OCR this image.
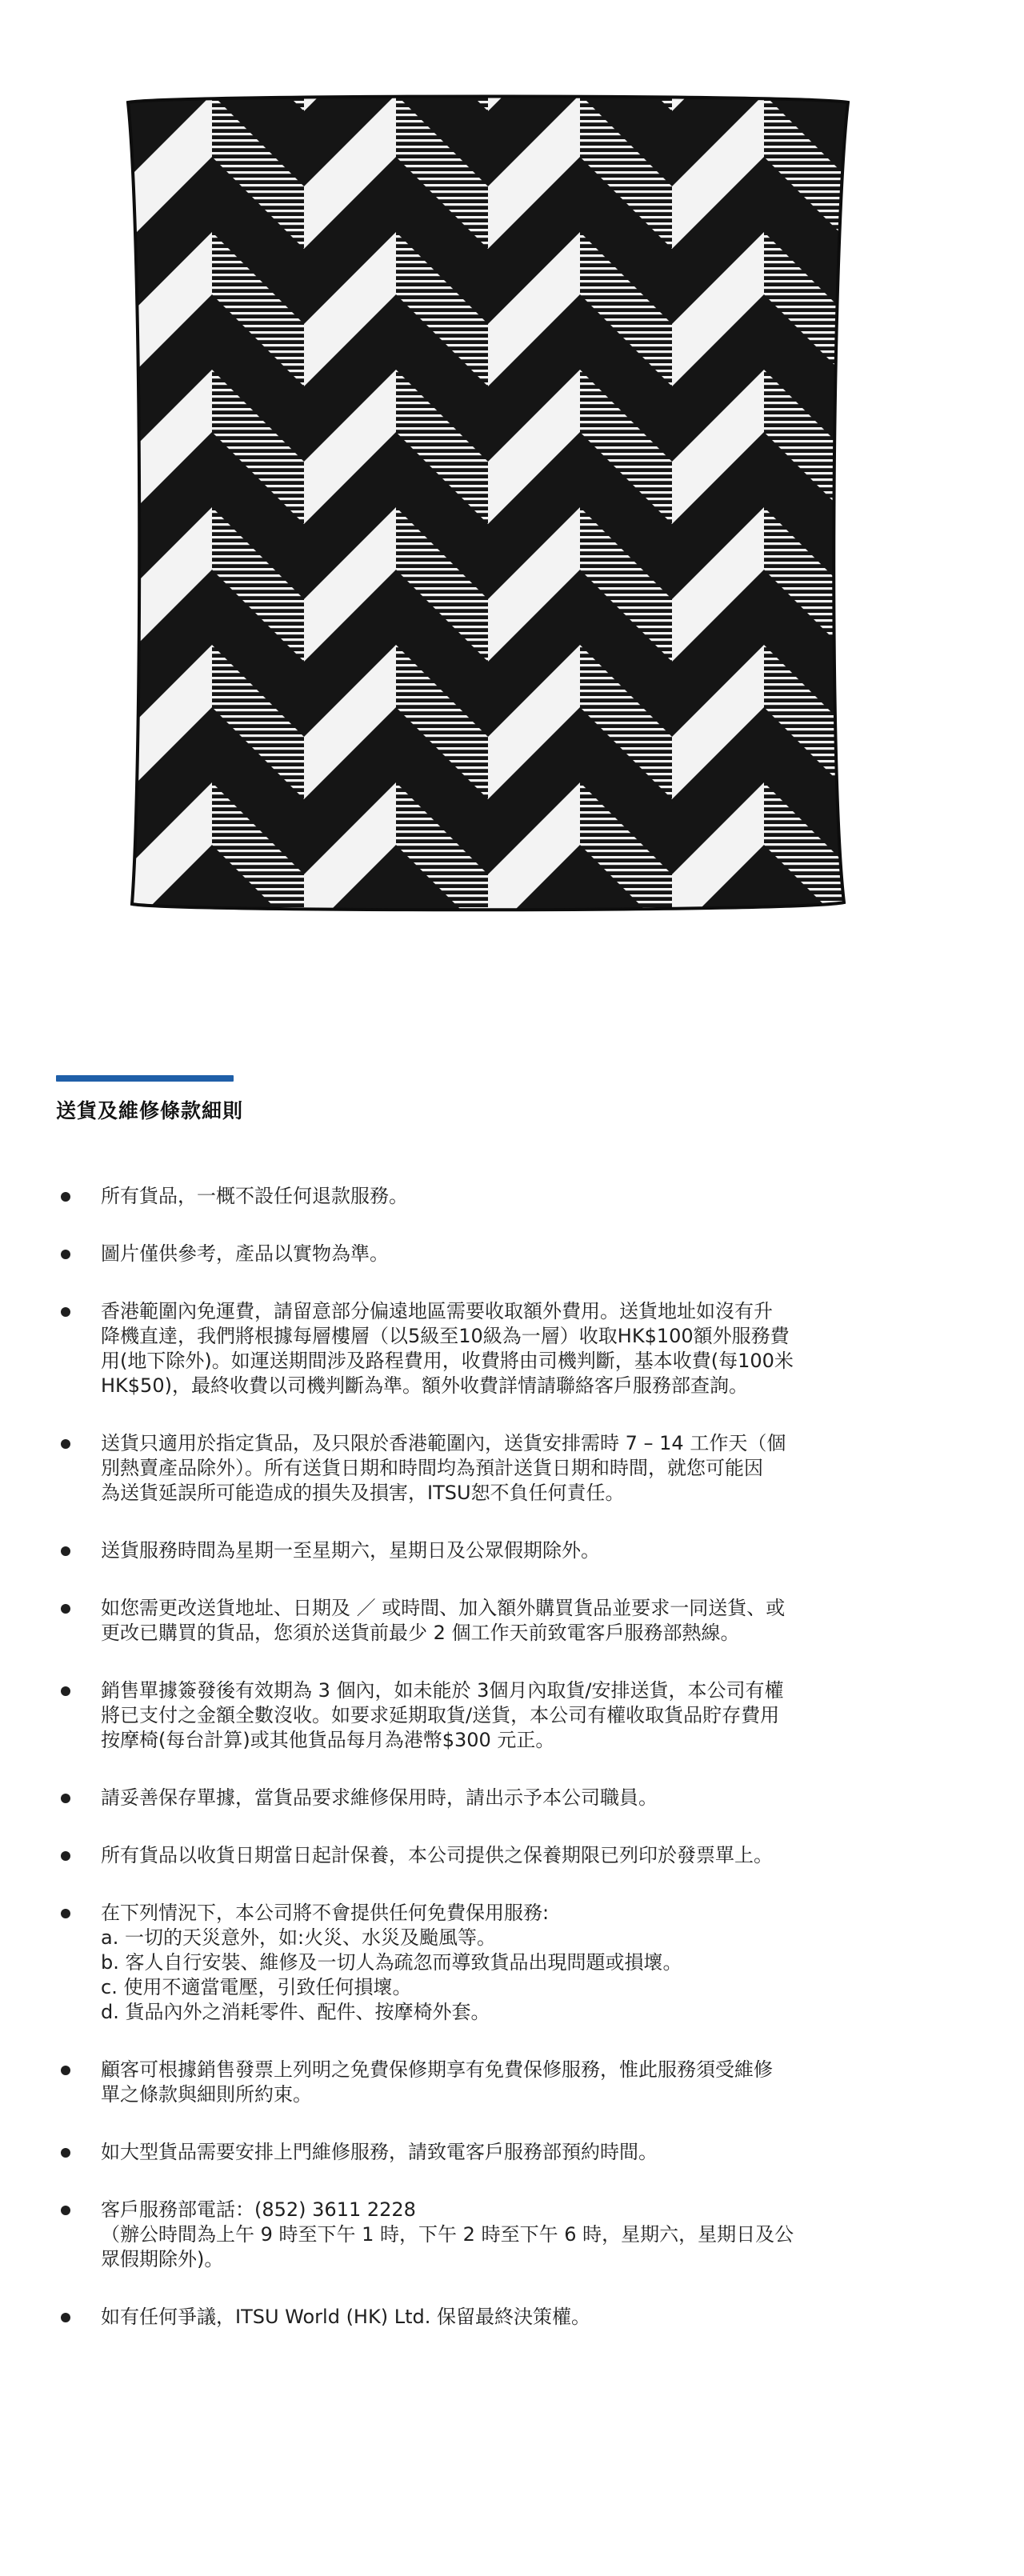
送貨及維修條款細則
所有貨品，一概不設任何退款服務。
圖片僅供參考，產品以實物為準。
香港範圍內免運費，請留意部分偏遠地區需要收取額外費用。送貨地址如沒有升
降機直達，我們將根據每層樓層（以5級至10級為一層）收取HK$100額外服務費
用(地下除外)。如運送期間涉及路程費用，收費將由司機判斷，基本收費(每100米
HK$50)，最終收費以司機判斷為準。額外收費詳情請聯絡客戶服務部查詢。
送貨只適用於指定貨品，及只限於香港範圍內，送貨安排需時 7 – 14 工作天（個
別熱賣產品除外）。所有送貨日期和時間均為預計送貨日期和時間，就您可能因
為送貨延誤所可能造成的損失及損害，ITSU恕不負任何責任。
送貨服務時間為星期一至星期六，星期日及公眾假期除外。
如您需更改送貨地址、日期及 ／ 或時間、加入額外購買貨品並要求一同送貨、或
更改已購買的貨品，您須於送貨前最少 2 個工作天前致電客戶服務部熱線。
銷售單據簽發後有效期為 3 個內，如未能於 3個月內取貨/安排送貨，本公司有權
將已支付之金額全數沒收。如要求延期取貨/送貨，本公司有權收取貨品貯存費用
按摩椅(每台計算)或其他貨品每月為港幣$300 元正。
請妥善保存單據，當貨品要求維修保用時，請出示予本公司職員。
所有貨品以收貨日期當日起計保養，本公司提供之保養期限已列印於發票單上。
在下列情況下，本公司將不會提供任何免費保用服務:
a. 一切的天災意外，如:火災、水災及颱風等。
b. 客人自行安裝、維修及一切人為疏忽而導致貨品出現問題或損壞。
c. 使用不適當電壓，引致任何損壞。
d. 貨品內外之消耗零件、配件、按摩椅外套。
顧客可根據銷售發票上列明之免費保修期享有免費保修服務，惟此服務須受維修
單之條款與細則所約束。
如大型貨品需要安排上門維修服務，請致電客戶服務部預約時間。
客戶服務部電話：(852) 3611 2228
（辦公時間為上午 9 時至下午 1 時，下午 2 時至下午 6 時，星期六，星期日及公
眾假期除外)。
如有任何爭議，ITSU World (HK) Ltd. 保留最終決策權。
